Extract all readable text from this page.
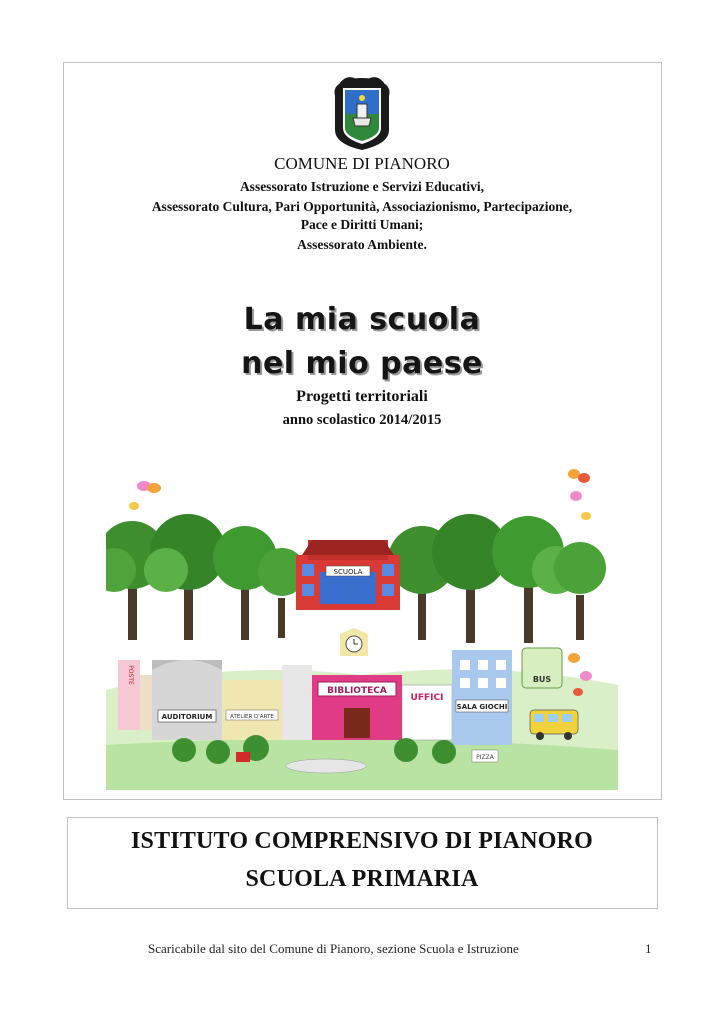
COMUNE DI PIANORO
Assessorato Istruzione e Servizi Educativi,
Assessorato Cultura, Pari Opportunità, Associazionismo, Partecipazione,
Pace e Diritti Umani;
Assessorato Ambiente.
La mia scuola
nel mio paese
Progetti territoriali
anno scolastico 2014/2015
SCUOLA
POSTE
AUDITORIUM	ATELIER D'ARTE
BIBLIOTECA
UFFICI
SALA GIOCHI
BUS
PIZZA
ISTITUTO COMPRENSIVO DI PIANORO
SCUOLA PRIMARIA
Scaricabile dal sito del Comune di Pianoro, sezione Scuola e Istruzione	1
